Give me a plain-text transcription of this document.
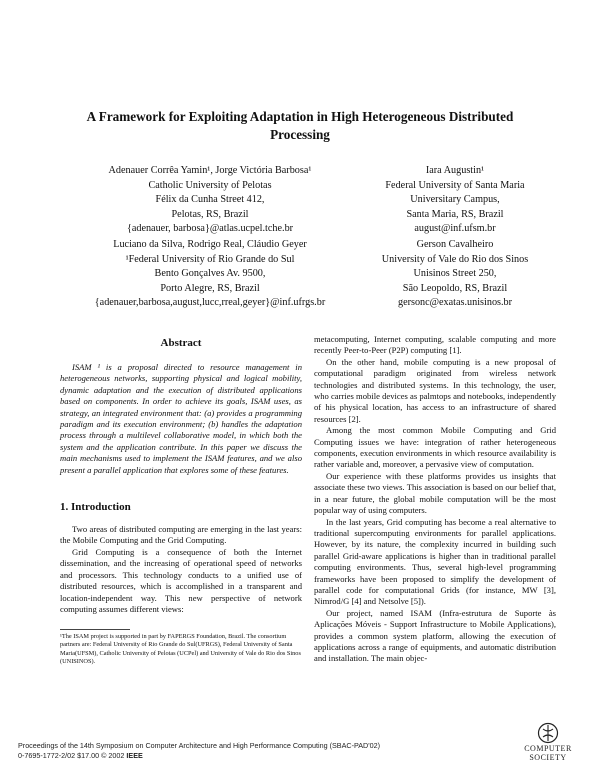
A Framework for Exploiting Adaptation in High Heterogeneous Distributed Processing
Adenauer Corrêa Yamin¹, Jorge Victória Barbosa¹
Catholic University of Pelotas
Félix da Cunha Street 412,
Pelotas, RS, Brazil
{adenauer, barbosa}@atlas.ucpel.tche.br
Iara Augustin¹
Federal University of Santa Maria
Universitary Campus,
Santa Maria, RS, Brazil
august@inf.ufsm.br
Luciano da Silva, Rodrigo Real, Cláudio Geyer
¹Federal University of Rio Grande do Sul
Bento Gonçalves Av. 9500,
Porto Alegre, RS, Brazil
{adenauer,barbosa,august,lucc,rreal,geyer}@inf.ufrgs.br
Gerson Cavalheiro
University of Vale do Rio dos Sinos
Unisinos Street 250,
São Leopoldo, RS, Brazil
gersonc@exatas.unisinos.br
Abstract

ISAM ¹ is a proposal directed to resource management in heterogeneous networks, supporting physical and logical mobility, dynamic adaptation and the execution of distributed applications based on components. In order to achieve its goals, ISAM uses, as strategy, an integrated environment that: (a) provides a programming paradigm and its execution environment; (b) handles the adaptation process through a multilevel collaborative model, in which both the system and the application contribute. In this paper we discuss the main mechanisms used to implement the ISAM features, and we also present a parallel application that explores some of these features.

1. Introduction

Two areas of distributed computing are emerging in the last years: the Mobile Computing and the Grid Computing.

Grid Computing is a consequence of both the Internet dissemination, and the increasing of operational speed of networks and processors. This technology conducts to a unified use of distributed resources, which is accomplished in a transparent and location-independent way. This new perspective of network computing assumes different views:

¹The ISAM project is supported in part by FAPERGS Foundation, Brazil. The consortium partners are: Federal University of Rio Grande do Sul(UFRGS), Federal University of Santa Maria(UFSM), Catholic University of Pelotas (UCPel) and University of Vale do Rio dos Sinos (UNISINOS).

metacomputing, Internet computing, scalable computing and more recently Peer-to-Peer (P2P) computing [1].

On the other hand, mobile computing is a new proposal of computational paradigm originated from wireless network technologies and distributed systems. In this technology, the user, who carries mobile devices as palmtops and notebooks, independently of his physical location, has access to an infrastructure of shared resources [2].

Among the most common Mobile Computing and Grid Computing issues we have: integration of rather heterogeneous components, execution environments in which resource availability is rather variable and, moreover, a pervasive view of computation.

Our experience with these platforms provides us insights that associate these two views. This association is based on our belief that, in a near future, the global mobile computation will be the most popular way of using computers.

In the last years, Grid computing has become a real alternative to traditional supercomputing environments for parallel applications. However, by its nature, the complexity incurred in building such parallel Grid-aware applications is higher than in traditional parallel computing environments. Thus, several high-level programming frameworks have been proposed to simplify the development of parallel code for computational Grids (for instance, MW [3], Nimrod/G [4] and Netsolve [5]).

Our project, named ISAM (Infra-estrutura de Suporte às Aplicações Móveis - Support Infrastructure to Mobile Applications), provides a common system platform, allowing the execution of applications across a range of equipments, and automatic distribution and installation. The main objec-

Proceedings of the 14th Symposium on Computer Architecture and High Performance Computing (SBAC-PAD'02)
0-7695-1772-2/02 $17.00 © 2002 IEEE
COMPUTER
SOCIETY
